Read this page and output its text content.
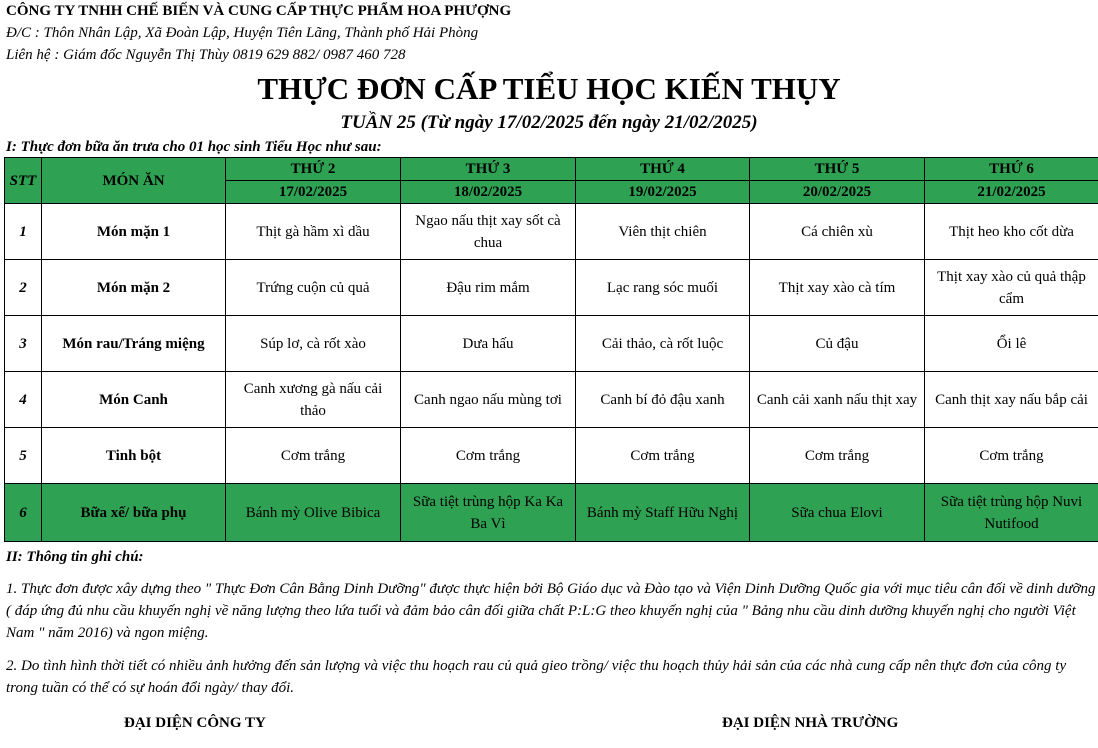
CÔNG TY TNHH CHẾ BIẾN VÀ CUNG CẤP THỰC PHẨM HOA PHƯỢNG
Đ/C : Thôn Nhân Lập, Xã Đoàn Lập, Huyện Tiên Lãng, Thành phố Hải Phòng
Liên hệ : Giám đốc Nguyễn Thị Thùy 0819 629 882/ 0987 460 728
THỰC ĐƠN CẤP TIỂU HỌC KIẾN THỤY
TUẦN 25 (Từ ngày 17/02/2025 đến ngày 21/02/2025)
I: Thực đơn bữa ăn trưa cho 01 học sinh Tiểu Học như sau:
STT	MÓN ĂN	THỨ 2	THỨ 3	THỨ 4	THỨ 5	THỨ 6
		17/02/2025	18/02/2025	19/02/2025	20/02/2025	21/02/2025
1	Món mặn 1	Thịt gà hầm xì dầu	Ngao nấu thịt xay sốt cà chua	Viên thịt chiên	Cá chiên xù	Thịt heo kho cốt dừa
2	Món mặn 2	Trứng cuộn củ quả	Đậu rim mắm	Lạc rang sóc muối	Thịt xay xào cà tím	Thịt xay xào củ quả thập cẩm
3	Món rau/Tráng miệng	Súp lơ, cà rốt xào	Dưa hấu	Cải thảo, cà rốt luộc	Củ đậu	Ổi lê
4	Món Canh	Canh xương gà nấu cải thảo	Canh ngao nấu mùng tơi	Canh bí đỏ đậu xanh	Canh cải xanh nấu thịt xay	Canh thịt xay nấu bắp cải
5	Tinh bột	Cơm trắng	Cơm trắng	Cơm trắng	Cơm trắng	Cơm trắng
6	Bữa xế/ bữa phụ	Bánh mỳ Olive Bibica	Sữa tiệt trùng hộp Ka Ka Ba Vì	Bánh mỳ Staff Hữu Nghị	Sữa chua Elovi	Sữa tiệt trùng hộp Nuvi Nutifood
II: Thông tin ghi chú:
1. Thực đơn được xây dựng theo " Thực Đơn Cân Bằng Dinh Dưỡng" được thực hiện bởi Bộ Giáo dục và Đào tạo và Viện Dinh Dưỡng Quốc gia với mục tiêu cân đối về dinh dưỡng ( đáp ứng đủ nhu cầu khuyến nghị về năng lượng theo lứa tuổi và đảm bảo cân đối giữa chất P:L:G theo khuyến nghị của " Bảng nhu cầu dinh dưỡng khuyến nghị cho người Việt Nam " năm 2016) và ngon miệng.
2. Do tình hình thời tiết có nhiều ảnh hưởng đến sản lượng và việc thu hoạch rau củ quả gieo trồng/ việc thu hoạch thủy hải sản của các nhà cung cấp nên thực đơn của công ty trong tuần có thể có sự hoán đổi ngày/ thay đổi.
ĐẠI DIỆN CÔNG TY	ĐẠI DIỆN NHÀ TRƯỜNG
